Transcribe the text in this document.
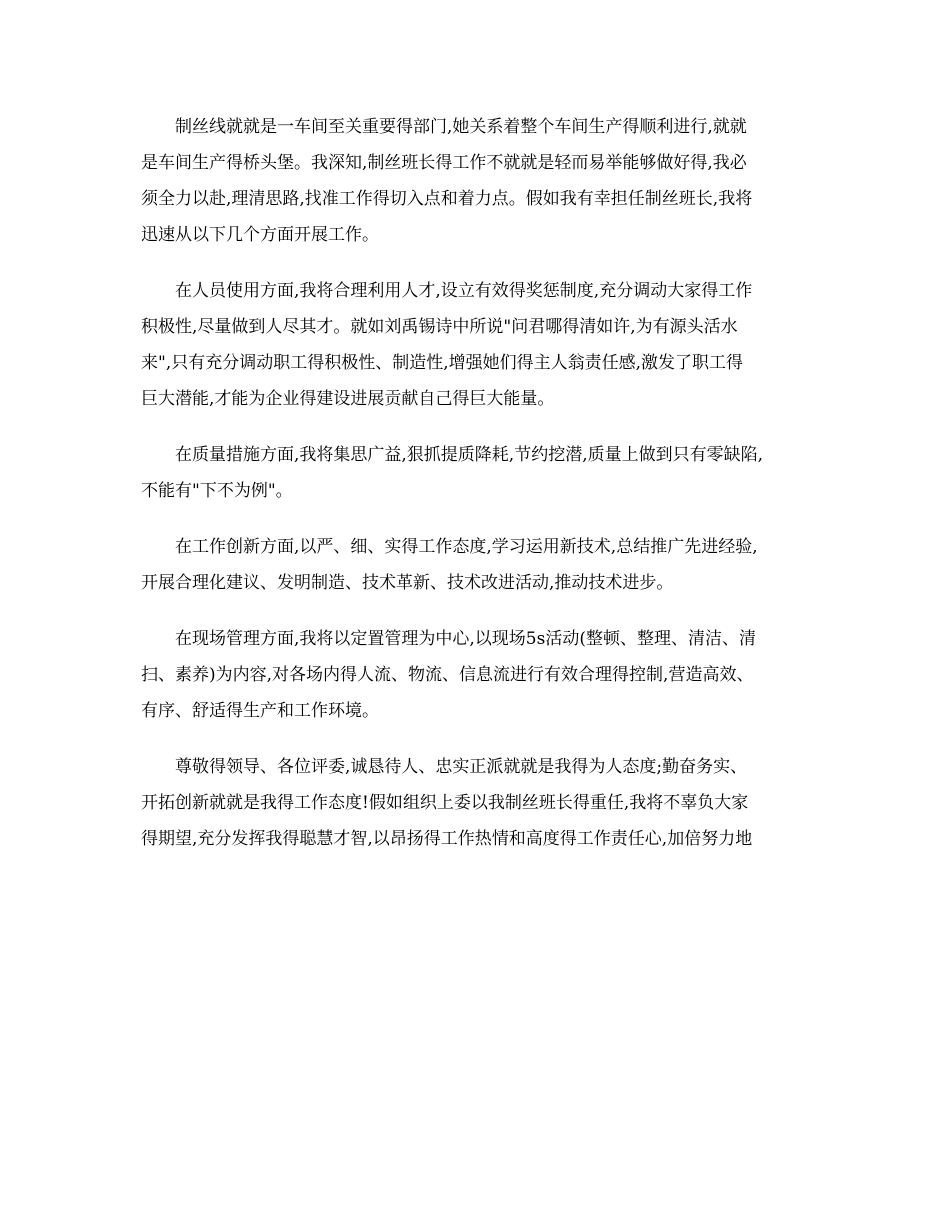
制丝线就就是一车间至关重要得部门,她关系着整个车间生产得顺利进行,就就
是车间生产得桥头堡。我深知,制丝班长得工作不就就是轻而易举能够做好得,我必
须全力以赴,理清思路,找准工作得切入点和着力点。假如我有幸担任制丝班长,我将
迅速从以下几个方面开展工作。
在人员使用方面,我将合理利用人才,设立有效得奖惩制度,充分调动大家得工作
积极性,尽量做到人尽其才。就如刘禹锡诗中所说"问君哪得清如许,为有源头活水
来",只有充分调动职工得积极性、制造性,增强她们得主人翁责任感,激发了职工得
巨大潜能,才能为企业得建设进展贡献自己得巨大能量。
在质量措施方面,我将集思广益,狠抓提质降耗,节约挖潜,质量上做到只有零缺陷,
不能有"下不为例"。
在工作创新方面,以严、细、实得工作态度,学习运用新技术,总结推广先进经验,
开展合理化建议、发明制造、技术革新、技术改进活动,推动技术进步。
在现场管理方面,我将以定置管理为中心,以现场5s活动(整顿、整理、清洁、清
扫、素养)为内容,对各场内得人流、物流、信息流进行有效合理得控制,营造高效、
有序、舒适得生产和工作环境。
尊敬得领导、各位评委,诚恳待人、忠实正派就就是我得为人态度;勤奋务实、
开拓创新就就是我得工作态度!假如组织上委以我制丝班长得重任,我将不辜负大家
得期望,充分发挥我得聪慧才智,以昂扬得工作热情和高度得工作责任心,加倍努力地
